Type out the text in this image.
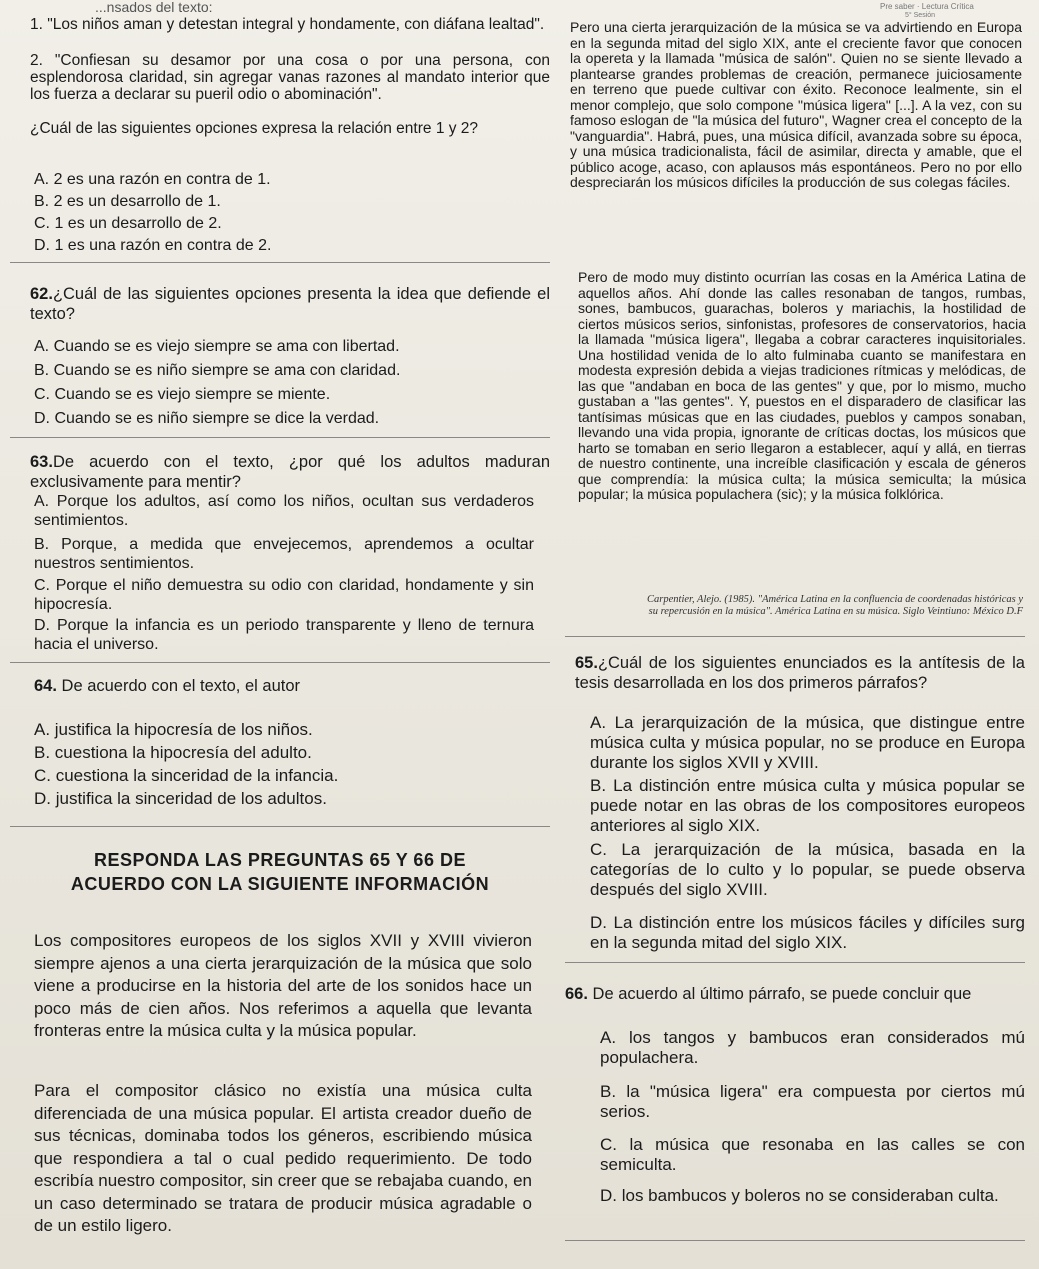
...nsados del texto:	Pre saber · Lectura Crítica
5° Sesión
1. "Los niños aman y detestan integral y hondamente, con diáfana lealtad".
2. "Confiesan su desamor por una cosa o por una persona, con esplendorosa claridad, sin agregar vanas razones al mandato interior que los fuerza a declarar su pueril odio o abominación".
¿Cuál de las siguientes opciones expresa la relación entre 1 y 2?
A. 2 es una razón en contra de 1.
B. 2 es un desarrollo de 1.
C. 1 es un desarrollo de 2.
D. 1 es una razón en contra de 2.
62.¿Cuál de las siguientes opciones presenta la idea que defiende el texto?
A. Cuando se es viejo siempre se ama con libertad.
B. Cuando se es niño siempre se ama con claridad.
C. Cuando se es viejo siempre se miente.
D. Cuando se es niño siempre se dice la verdad.
63.De acuerdo con el texto, ¿por qué los adultos maduran exclusivamente para mentir?
A. Porque los adultos, así como los niños, ocultan sus verdaderos sentimientos.
B. Porque, a medida que envejecemos, aprendemos a ocultar nuestros sentimientos.
C. Porque el niño demuestra su odio con claridad, hondamente y sin hipocresía.
D. Porque la infancia es un periodo transparente y lleno de ternura hacia el universo.
64. De acuerdo con el texto, el autor
A. justifica la hipocresía de los niños.
B. cuestiona la hipocresía del adulto.
C. cuestiona la sinceridad de la infancia.
D. justifica la sinceridad de los adultos.
RESPONDA LAS PREGUNTAS 65 Y 66 DE
ACUERDO CON LA SIGUIENTE INFORMACIÓN
Los compositores europeos de los siglos XVII y XVIII vivieron siempre ajenos a una cierta jerarquización de la música que solo viene a producirse en la historia del arte de los sonidos hace un poco más de cien años. Nos referimos a aquella que levanta fronteras entre la música culta y la música popular.
Para el compositor clásico no existía una música culta diferenciada de una música popular. El artista creador dueño de sus técnicas, dominaba todos los géneros, escribiendo música que respondiera a tal o cual pedido requerimiento. De todo escribía nuestro compositor, sin creer que se rebajaba cuando, en un caso determinado se tratara de producir música agradable o de un estilo ligero.
Pero una cierta jerarquización de la música se va advirtiendo en Europa en la segunda mitad del siglo XIX, ante el creciente favor que conocen la opereta y la llamada "música de salón". Quien no se siente llevado a plantearse grandes problemas de creación, permanece juiciosamente en terreno que puede cultivar con éxito. Reconoce lealmente, sin el menor complejo, que solo compone "música ligera" [...]. A la vez, con su famoso eslogan de "la música del futuro", Wagner crea el concepto de la "vanguardia". Habrá, pues, una música difícil, avanzada sobre su época, y una música tradicionalista, fácil de asimilar, directa y amable, que el público acoge, acaso, con aplausos más espontáneos. Pero no por ello despreciarán los músicos difíciles la producción de sus colegas fáciles.
Pero de modo muy distinto ocurrían las cosas en la América Latina de aquellos años. Ahí donde las calles resonaban de tangos, rumbas, sones, bambucos, guarachas, boleros y mariachis, la hostilidad de ciertos músicos serios, sinfonistas, profesores de conservatorios, hacia la llamada "música ligera", llegaba a cobrar caracteres inquisitoriales. Una hostilidad venida de lo alto fulminaba cuanto se manifestara en modesta expresión debida a viejas tradiciones rítmicas y melódicas, de las que "andaban en boca de las gentes" y que, por lo mismo, mucho gustaban a "las gentes". Y, puestos en el disparadero de clasificar las tantísimas músicas que en las ciudades, pueblos y campos sonaban, llevando una vida propia, ignorante de críticas doctas, los músicos que harto se tomaban en serio llegaron a establecer, aquí y allá, en tierras de nuestro continente, una increíble clasificación y escala de géneros que comprendía: la música culta; la música semiculta; la música popular; la música populachera (sic); y la música folklórica.
Carpentier, Alejo. (1985). "América Latina en la confluencia de coordenadas históricas y
su repercusión en la música". América Latina en su música. Siglo Veintiuno: México D.F
65.¿Cuál de los siguientes enunciados es la antítesis de la tesis desarrollada en los dos primeros párrafos?
A. La jerarquización de la música, que distingue entre música culta y música popular, no se produce en Europa durante los siglos XVII y XVIII.
B. La distinción entre música culta y música popular se puede notar en las obras de los compositores europeos anteriores al siglo XIX.
C. La jerarquización de la música, basada en la categorías de lo culto y lo popular, se puede observa después del siglo XVIII.
D. La distinción entre los músicos fáciles y difíciles surg en la segunda mitad del siglo XIX.
66. De acuerdo al último párrafo, se puede concluir que
A. los tangos y bambucos eran considerados mú populachera.
B. la "música ligera" era compuesta por ciertos mú serios.
C. la música que resonaba en las calles se con semiculta.
D. los bambucos y boleros no se consideraban culta.
